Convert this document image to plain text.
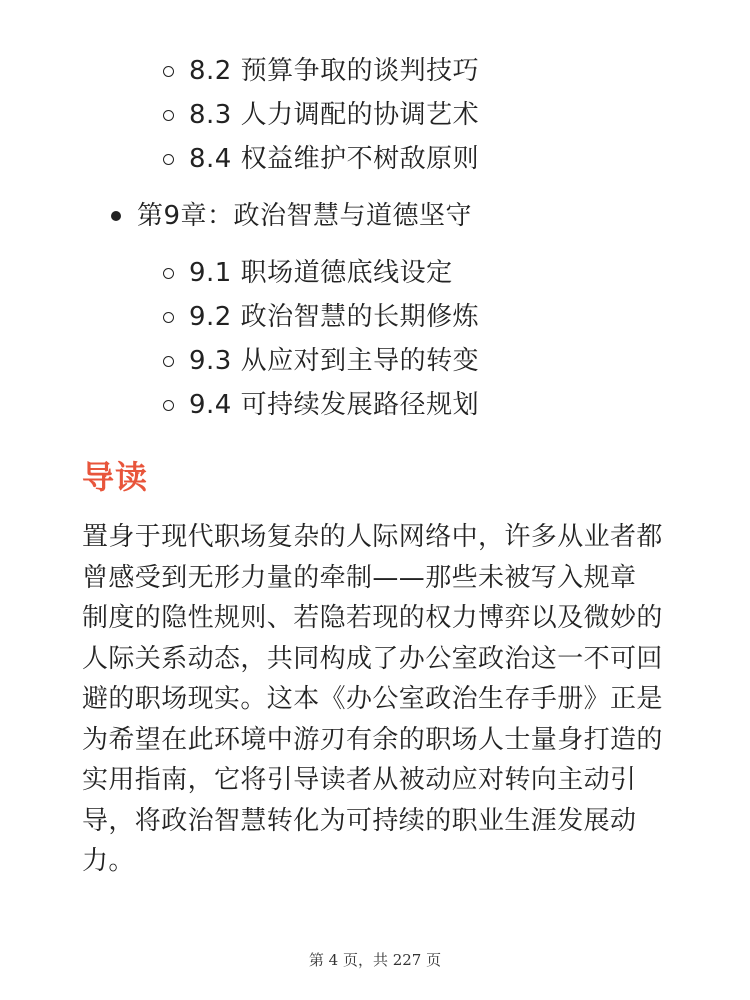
8.2 预算争取的谈判技巧
8.3 人力调配的协调艺术
8.4 权益维护不树敌原则
第9章：政治智慧与道德坚守
9.1 职场道德底线设定
9.2 政治智慧的长期修炼
9.3 从应对到主导的转变
9.4 可持续发展路径规划
导读
置身于现代职场复杂的人际网络中，许多从业者都
曾感受到无形力量的牵制——那些未被写入规章
制度的隐性规则、若隐若现的权力博弈以及微妙的
人际关系动态，共同构成了办公室政治这一不可回
避的职场现实。这本《办公室政治生存手册》正是
为希望在此环境中游刃有余的职场人士量身打造的
实用指南，它将引导读者从被动应对转向主动引
导，将政治智慧转化为可持续的职业生涯发展动
力。
第 4 页，共 227 页
